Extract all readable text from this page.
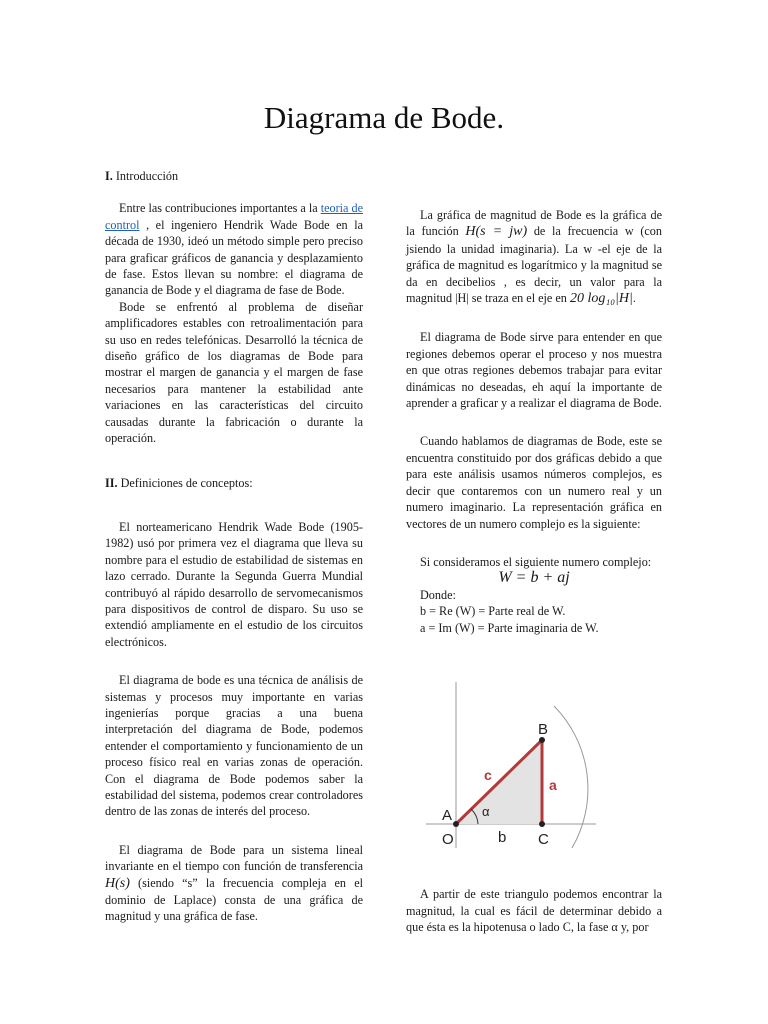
Diagrama de Bode.

I. Introducción

Entre las contribuciones importantes a la teoria de control , el ingeniero Hendrik Wade Bode en la década de 1930, ideó un método simple pero preciso para graficar gráficos de ganancia y desplazamiento de fase. Estos llevan su nombre: el diagrama de ganancia de Bode y el diagrama de fase de Bode.

Bode se enfrentó al problema de diseñar amplificadores estables con retroalimentación para su uso en redes telefónicas. Desarrolló la técnica de diseño gráfico de los diagramas de Bode para mostrar el margen de ganancia y el margen de fase necesarios para mantener la estabilidad ante variaciones en las características del circuito causadas durante la fabricación o durante la operación.

II. Definiciones de conceptos:

El norteamericano Hendrik Wade Bode (1905-1982) usó por primera vez el diagrama que lleva su nombre para el estudio de estabilidad de sistemas en lazo cerrado. Durante la Segunda Guerra Mundial contribuyó al rápido desarrollo de servomecanismos para dispositivos de control de disparo. Su uso se extendió ampliamente en el estudio de los circuitos electrónicos.

El diagrama de bode es una técnica de análisis de sistemas y procesos muy importante en varias ingenierías porque gracias a una buena interpretación del diagrama de Bode, podemos entender el comportamiento y funcionamiento de un proceso físico real en varias zonas de operación. Con el diagrama de Bode podemos saber la estabilidad del sistema, podemos crear controladores dentro de las zonas de interés del proceso.

El diagrama de Bode para un sistema lineal invariante en el tiempo con función de transferencia H(s) (siendo “s” la frecuencia compleja en el dominio de Laplace) consta de una gráfica de magnitud y una gráfica de fase.

La gráfica de magnitud de Bode es la gráfica de la función H(s = jw) de la frecuencia w (con jsiendo la unidad imaginaria). La w -el eje de la gráfica de magnitud es logarítmico y la magnitud se da en decibelios , es decir, un valor para la magnitud |H| se traza en el eje en 20 log₁₀|H|.

El diagrama de Bode sirve para entender en que regiones debemos operar el proceso y nos muestra en que otras regiones debemos trabajar para evitar dinámicas no deseadas, eh aquí la importante de aprender a graficar y a realizar el diagrama de Bode.

Cuando hablamos de diagramas de Bode, este se encuentra constituido por dos gráficas debido a que para este análisis usamos números complejos, es decir que contaremos con un numero real y un numero imaginario. La representación gráfica en vectores de un numero complejo es la siguiente:

Si consideramos el siguiente numero complejo:

W = b + aj

Donde:

b = Re (W) = Parte real de W.

a = Im (W) = Parte imaginaria de W.

A
B
C
O
a
b
c
α

A partir de este triangulo podemos encontrar la magnitud, la cual es fácil de determinar debido a que ésta es la hipotenusa o lado C, la fase α y, por
